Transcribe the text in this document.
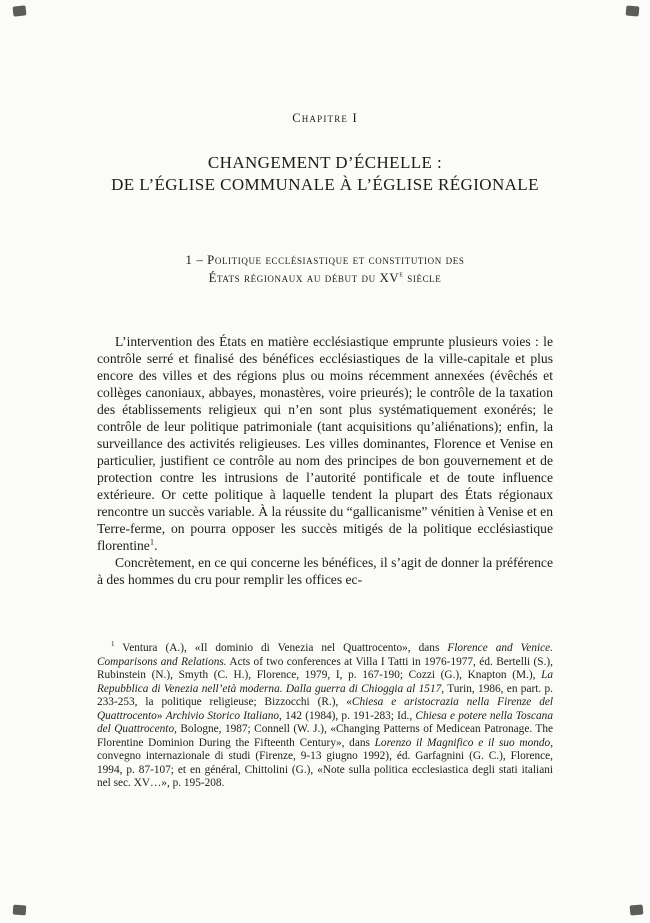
Chapitre I
CHANGEMENT D’ÉCHELLE :
DE L’ÉGLISE COMMUNALE À L’ÉGLISE RÉGIONALE
1 – Politique ecclésiastique et constitution des
États régionaux au début du XVe siècle

L’intervention des États en matière ecclésiastique emprunte plusieurs voies : le contrôle serré et finalisé des bénéfices ecclésiastiques de la ville-capitale et plus encore des villes et des régions plus ou moins récemment annexées (évêchés et collèges canoniaux, abbayes, monastères, voire prieurés); le contrôle de la taxation des établissements religieux qui n’en sont plus systématiquement exonérés; le contrôle de leur politique patrimoniale (tant acquisitions qu’aliénations); enfin, la surveillance des activités religieuses. Les villes dominantes, Florence et Venise en particulier, justifient ce contrôle au nom des principes de bon gouvernement et de protection contre les intrusions de l’autorité pontificale et de toute influence extérieure. Or cette politique à laquelle tendent la plupart des États régionaux rencontre un succès variable. À la réussite du “gallicanisme” vénitien à Venise et en Terre-ferme, on pourra opposer les succès mitigés de la politique ecclésiastique florentine$^1$.

Concrètement, en ce qui concerne les bénéfices, il s’agit de donner la préférence à des hommes du cru pour remplir les offices ec-

$^1$ Ventura (A.), «Il dominio di Venezia nel Quattrocento», dans Florence and Venice. Comparisons and Relations. Acts of two conferences at Villa I Tatti in 1976-1977, éd. Bertelli (S.), Rubinstein (N.), Smyth (C. H.), Florence, 1979, I, p. 167-190; Cozzi (G.), Knapton (M.), La Repubblica di Venezia nell’età moderna. Dalla guerra di Chioggia al 1517, Turin, 1986, en part. p. 233-253, la politique religieuse; Bizzocchi (R.), «Chiesa e aristocrazia nella Firenze del Quattrocento» Archivio Storico Italiano, 142 (1984), p. 191-283; Id., Chiesa e potere nella Toscana del Quattrocento, Bologne, 1987; Connell (W. J.), «Changing Patterns of Medicean Patronage. The Florentine Dominion During the Fifteenth Century», dans Lorenzo il Magnifico e il suo mondo, convegno internazionale di studi (Firenze, 9-13 giugno 1992), éd. Garfagnini (G. C.), Florence, 1994, p. 87-107; et en général, Chittolini (G.), «Note sulla politica ecclesiastica degli stati italiani nel sec. XV…», p. 195-208.
